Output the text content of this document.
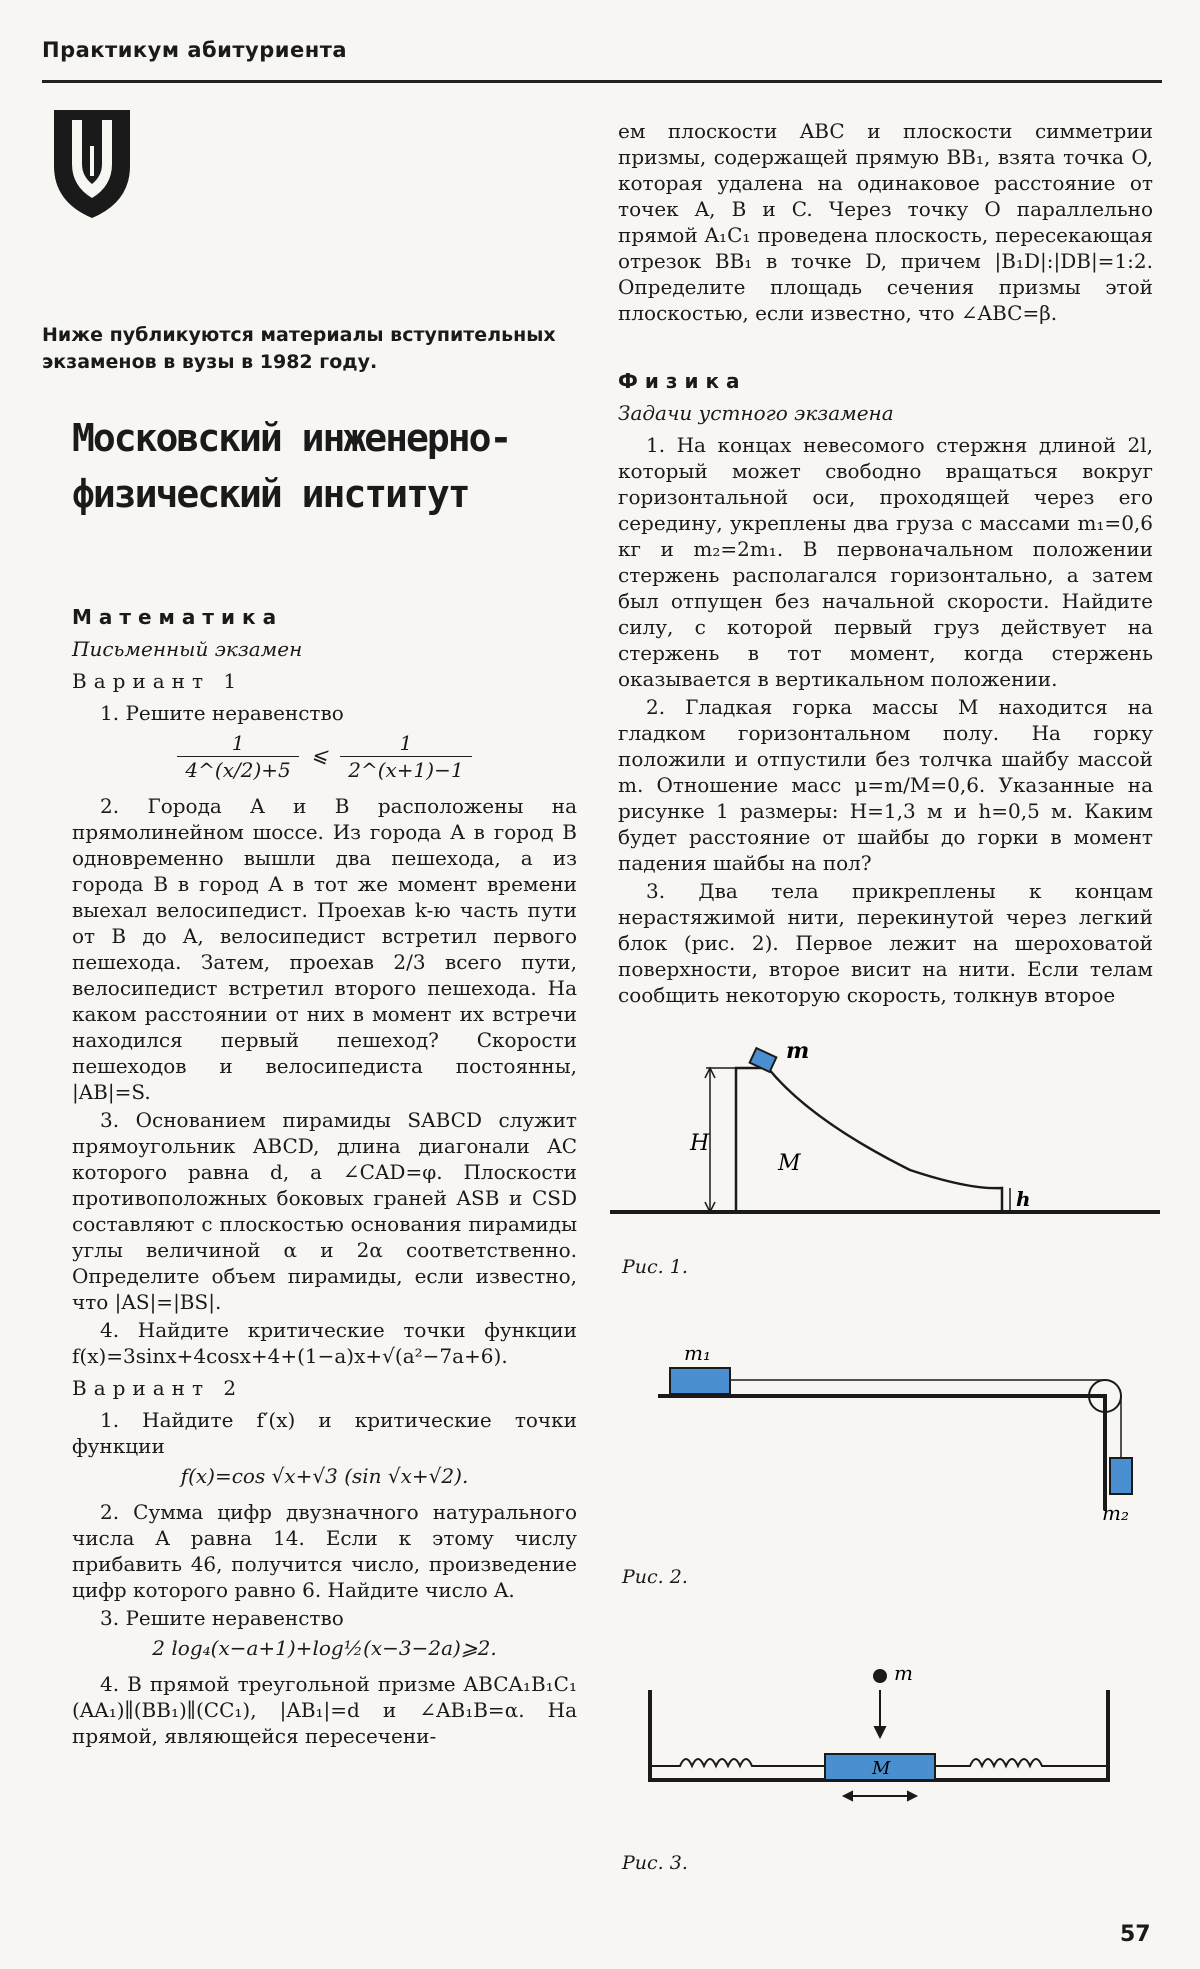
Практикум абитуриента
Ниже публикуются материалы вступительных экзаменов в вузы в 1982 году.
Московский инженерно-физический институт
Математика
Письменный экзамен
Вариант 1

1. Решите неравенство

$\frac{1}{4\^{}(x/2)+5}$ ⩽ $\frac{1}{2\^{}(x+1)-1}$

2. Города A и B расположены на прямолинейном шоссе. Из города A в город B одновременно вышли два пешехода, а из города B в город A в тот же момент времени выехал велосипедист. Проехав k-ю часть пути от B до A, велосипедист встретил первого пешехода. Затем, проехав 2/3 всего пути, велосипедист встретил второго пешехода. На каком расстоянии от них в момент их встречи находился первый пешеход? Скорости пешеходов и велосипедиста постоянны, |AB|=S.

3. Основанием пирамиды SABCD служит прямоугольник ABCD, длина диагонали AC которого равна d, а ∠CAD=φ. Плоскости противоположных боковых граней ASB и CSD составляют с плоскостью основания пирамиды углы величиной α и 2α соответственно. Определите объем пирамиды, если известно, что |AS|=|BS|.

4. Найдите критические точки функции f(x)=3sinx+4cosx+4+(1−a)x+√(a²−7a+6).

Вариант 2

1. Найдите f′(x) и критические точки функции

f(x)=cos √x+√3 (sin √x+√2).

2. Сумма цифр двузначного натурального числа A равна 14. Если к этому числу прибавить 46, получится число, произведение цифр которого равно 6. Найдите число A.

3. Решите неравенство

2 log₄(x−a+1)+log½(x−3−2a)⩾2.

4. В прямой треугольной призме ABCA₁B₁C₁ (AA₁)∥(BB₁)∥(CC₁), |AB₁|=d и ∠AB₁B=α. На прямой, являющейся пересечени-

ем плоскости ABC и плоскости симметрии призмы, содержащей прямую BB₁, взята точка O, которая удалена на одинаковое расстояние от точек A, B и C. Через точку O параллельно прямой A₁C₁ проведена плоскость, пересекающая отрезок BB₁ в точке D, причем |B₁D|:|DB|=1:2. Определите площадь сечения призмы этой плоскостью, если известно, что ∠ABC=β.

Физика
Задачи устного экзамена

1. На концах невесомого стержня длиной 2l, который может свободно вращаться вокруг горизонтальной оси, проходящей через его середину, укреплены два груза с массами m₁=0,6 кг и m₂=2m₁. В первоначальном положении стержень располагался горизонтально, а затем был отпущен без начальной скорости. Найдите силу, с которой первый груз действует на стержень в тот момент, когда стержень оказывается в вертикальном положении.

2. Гладкая горка массы M находится на гладком горизонтальном полу. На горку положили и отпустили без толчка шайбу массой m. Отношение масс μ=m/M=0,6. Указанные на рисунке 1 размеры: H=1,3 м и h=0,5 м. Каким будет расстояние от шайбы до горки в момент падения шайбы на пол?

3. Два тела прикреплены к концам нерастяжимой нити, перекинутой через легкий блок (рис. 2). Первое лежит на шероховатой поверхности, второе висит на нити. Если телам сообщить некоторую скорость, толкнув второе

m
M
H
h
Рис. 1.
m₁
m₂
Рис. 2.
m
M
Рис. 3.
57
